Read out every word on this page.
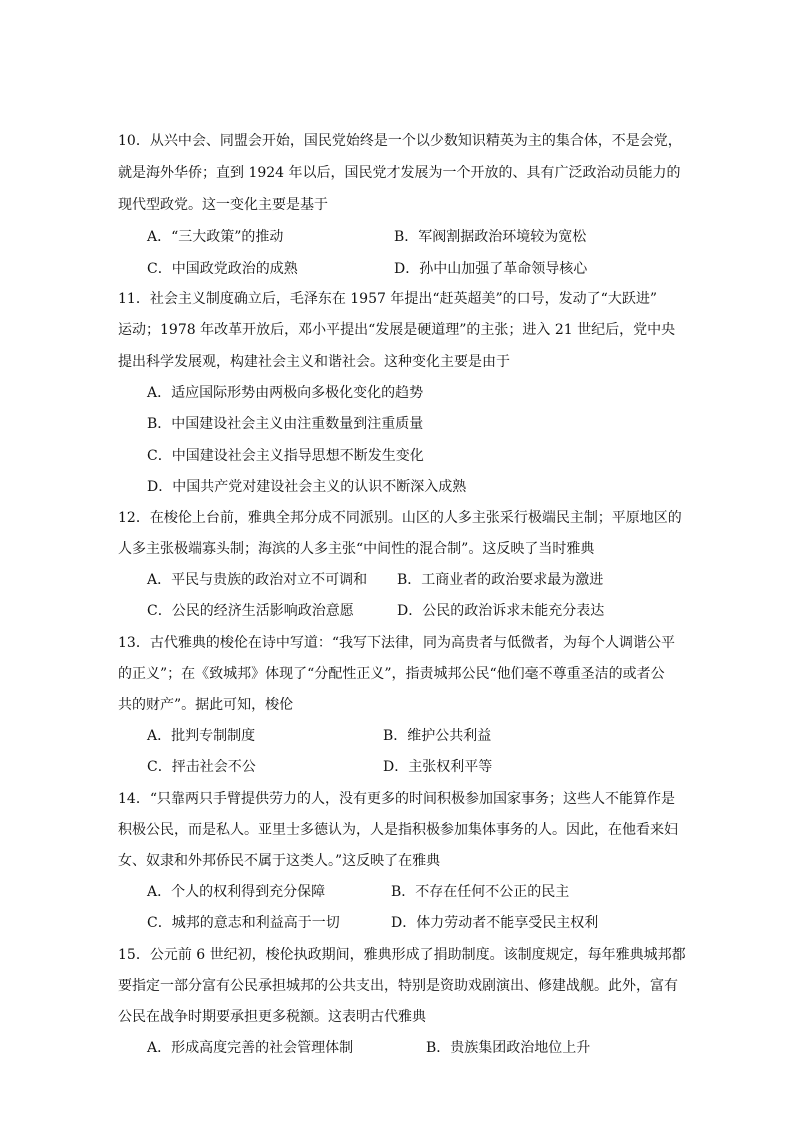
10．从兴中会、同盟会开始，国民党始终是一个以少数知识精英为主的集合体，不是会党，
就是海外华侨；直到 1924 年以后，国民党才发展为一个开放的、具有广泛政治动员能力的
现代型政党。这一变化主要是基于
A．“三大政策”的推动	B．军阀割据政治环境较为宽松
C．中国政党政治的成熟	D．孙中山加强了革命领导核心
11．社会主义制度确立后，毛泽东在 1957 年提出“赶英超美”的口号，发动了“大跃进”
运动；1978 年改革开放后，邓小平提出“发展是硬道理”的主张；进入 21 世纪后，党中央
提出科学发展观，构建社会主义和谐社会。这种变化主要是由于
A．适应国际形势由两极向多极化变化的趋势
B．中国建设社会主义由注重数量到注重质量
C．中国建设社会主义指导思想不断发生变化
D．中国共产党对建设社会主义的认识不断深入成熟
12．在梭伦上台前，雅典全邦分成不同派别。山区的人多主张采行极端民主制；平原地区的
人多主张极端寡头制；海滨的人多主张“中间性的混合制”。这反映了当时雅典
A．平民与贵族的政治对立不可调和 B．工商业者的政治要求最为激进
C．公民的经济生活影响政治意愿	D．公民的政治诉求未能充分表达
13．古代雅典的梭伦在诗中写道：“我写下法律，同为高贵者与低微者，为每个人调谐公平
的正义”；在《致城邦》体现了“分配性正义”，指责城邦公民“他们毫不尊重圣洁的或者公
共的财产”。据此可知，梭伦
A．批判专制制度	B．维护公共利益
C．抨击社会不公	D．主张权利平等
14．“只靠两只手臂提供劳力的人，没有更多的时间积极参加国家事务；这些人不能算作是
积极公民，而是私人。亚里士多德认为，人是指积极参加集体事务的人。因此，在他看来妇
女、奴隶和外邦侨民不属于这类人。”这反映了在雅典
A．个人的权利得到充分保障	B．不存在任何不公正的民主
C．城邦的意志和利益高于一切	D．体力劳动者不能享受民主权利
15．公元前 6 世纪初，梭伦执政期间，雅典形成了捐助制度。该制度规定，每年雅典城邦都
要指定一部分富有公民承担城邦的公共支出，特别是资助戏剧演出、修建战舰。此外，富有
公民在战争时期要承担更多税额。这表明古代雅典
A．形成高度完善的社会管理体制	B．贵族集团政治地位上升
